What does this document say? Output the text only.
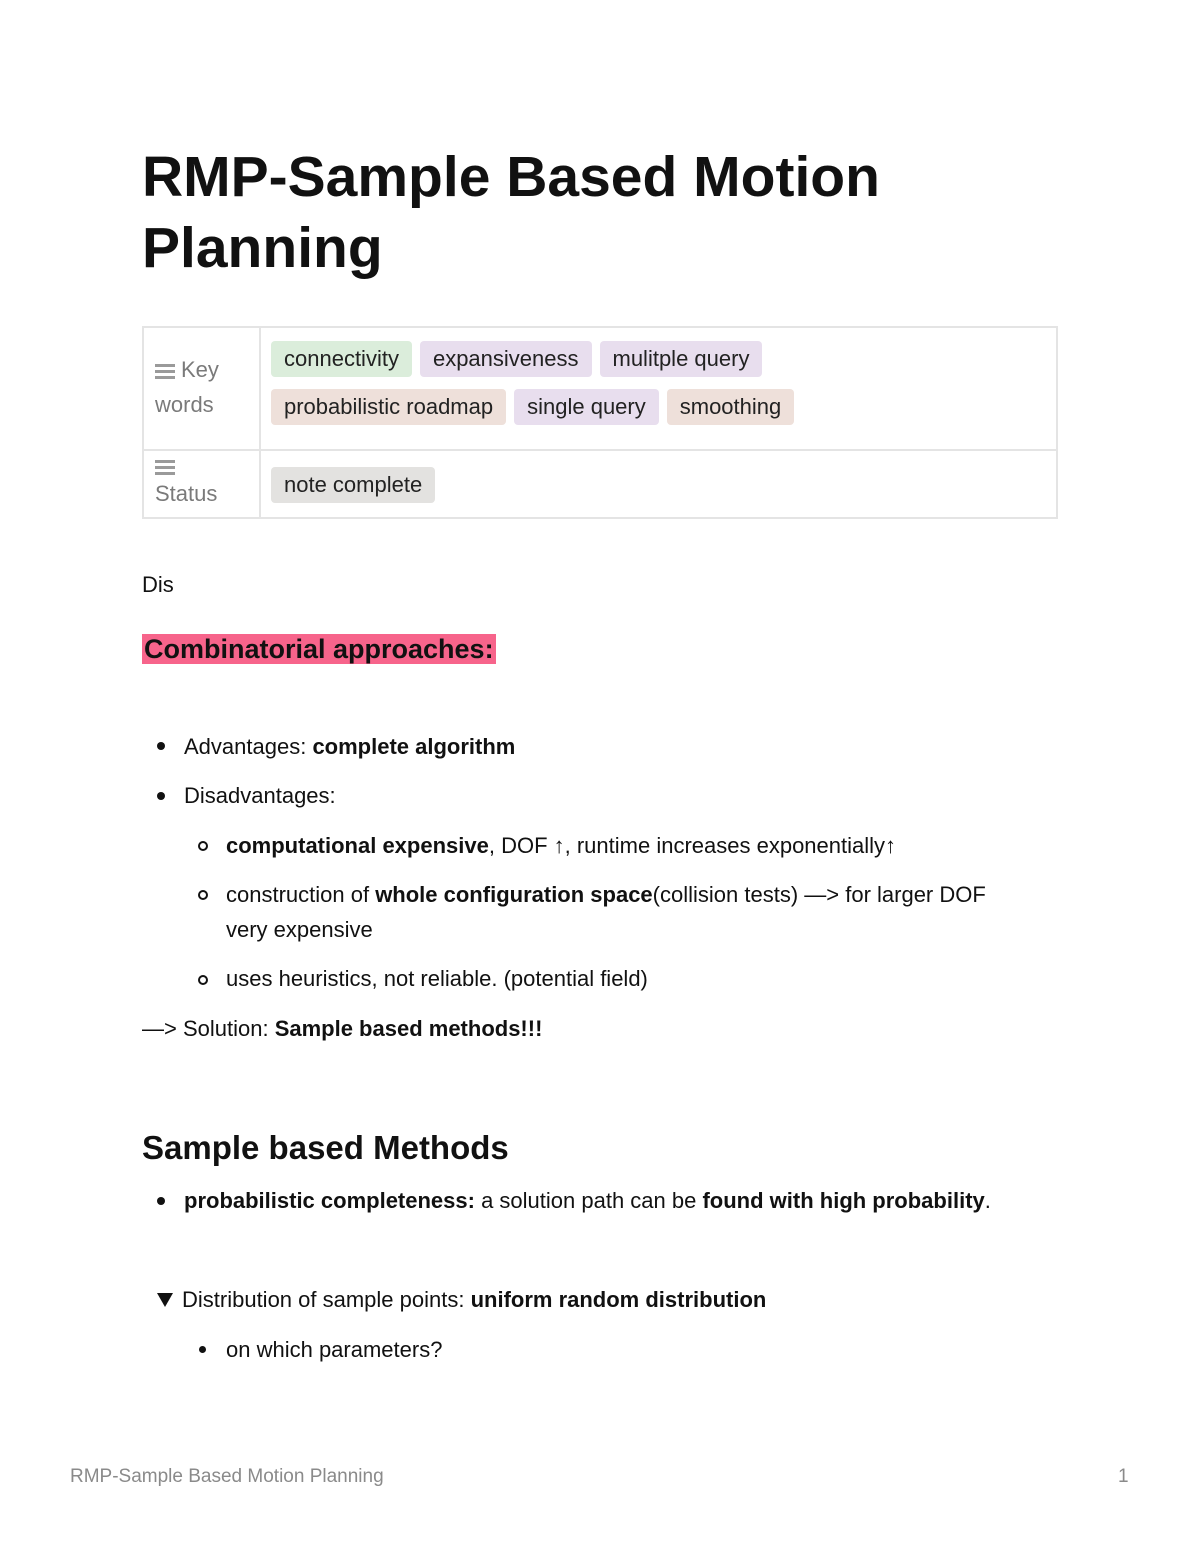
RMP-Sample Based Motion Planning
Key words	connectivity expansiveness mulitple query
probabilistic roadmap single query smoothing

Status	note complete
Dis
Combinatorial approaches:
Advantages: complete algorithm
Disadvantages:
computational expensive, DOF ↑, runtime increases exponentially↑
construction of whole configuration space(collision tests) —> for larger DOF
very expensive
uses heuristics, not reliable. (potential field)
—> Solution: Sample based methods!!!
Sample based Methods
probabilistic completeness: a solution path can be found with high probability.
Distribution of sample points: uniform random distribution
on which parameters?
RMP-Sample Based Motion Planning	1
